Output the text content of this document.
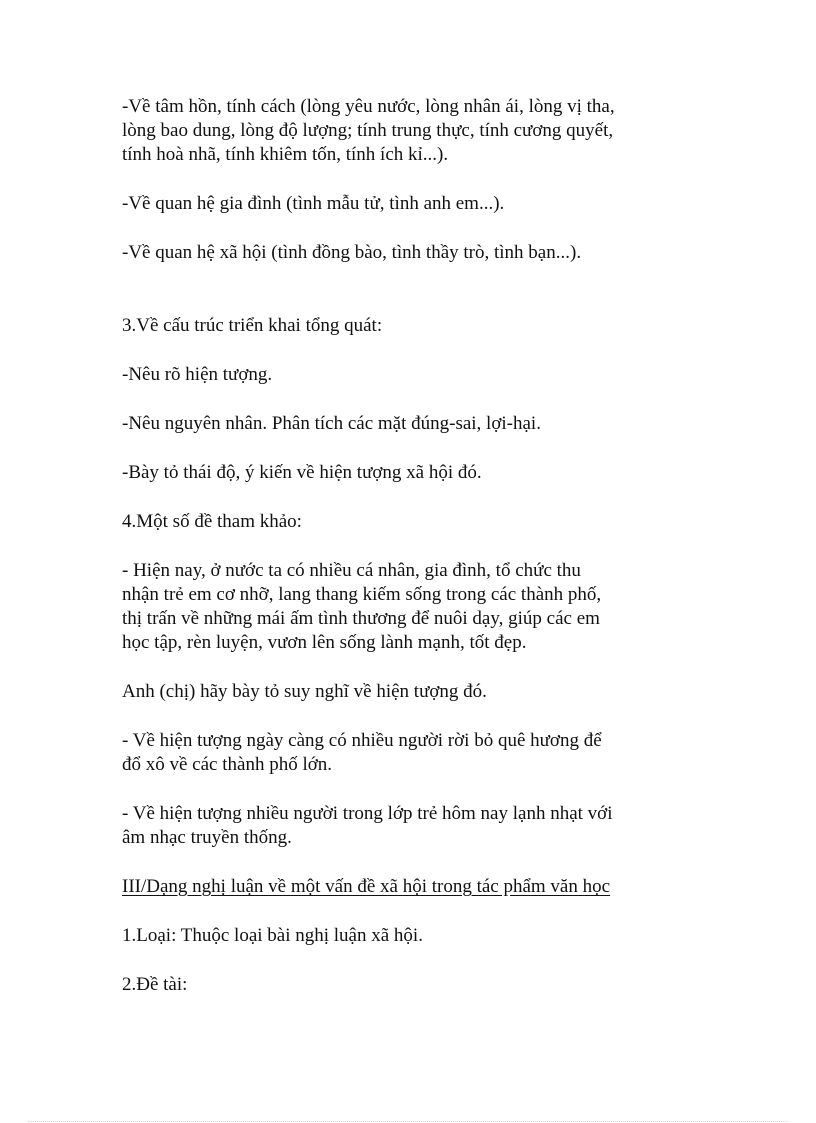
-Về tâm hồn, tính cách (lòng yêu nước, lòng nhân ái, lòng vị tha,

lòng bao dung, lòng độ lượng; tính trung thực, tính cương quyết,

tính hoà nhã, tính khiêm tốn, tính ích kỉ...).

-Về quan hệ gia đình (tình mẫu tử, tình anh em...).

-Về quan hệ xã hội (tình đồng bào, tình thầy trò, tình bạn...).

3.Về cấu trúc triển khai tổng quát:

-Nêu rõ hiện tượng.

-Nêu nguyên nhân. Phân tích các mặt đúng-sai, lợi-hại.

-Bày tỏ thái độ, ý kiến về hiện tượng xã hội đó.

4.Một số đề tham khảo:

- Hiện nay, ở nước ta có nhiều cá nhân, gia đình, tổ chức thu

nhận trẻ em cơ nhỡ, lang thang kiếm sống trong các thành phố,

thị trấn về những mái ấm tình thương để nuôi dạy, giúp các em

học tập, rèn luyện, vươn lên sống lành mạnh, tốt đẹp.

Anh (chị) hãy bày tỏ suy nghĩ về hiện tượng đó.

- Về hiện tượng ngày càng có nhiều người rời bỏ quê hương để

đổ xô về các thành phố lớn.

- Về hiện tượng nhiều người trong lớp trẻ hôm nay lạnh nhạt với

âm nhạc truyền thống.

III/Dạng nghị luận về một vấn đề xã hội trong tác phẩm văn học

1.Loại: Thuộc loại bài nghị luận xã hội.

2.Đề tài:
